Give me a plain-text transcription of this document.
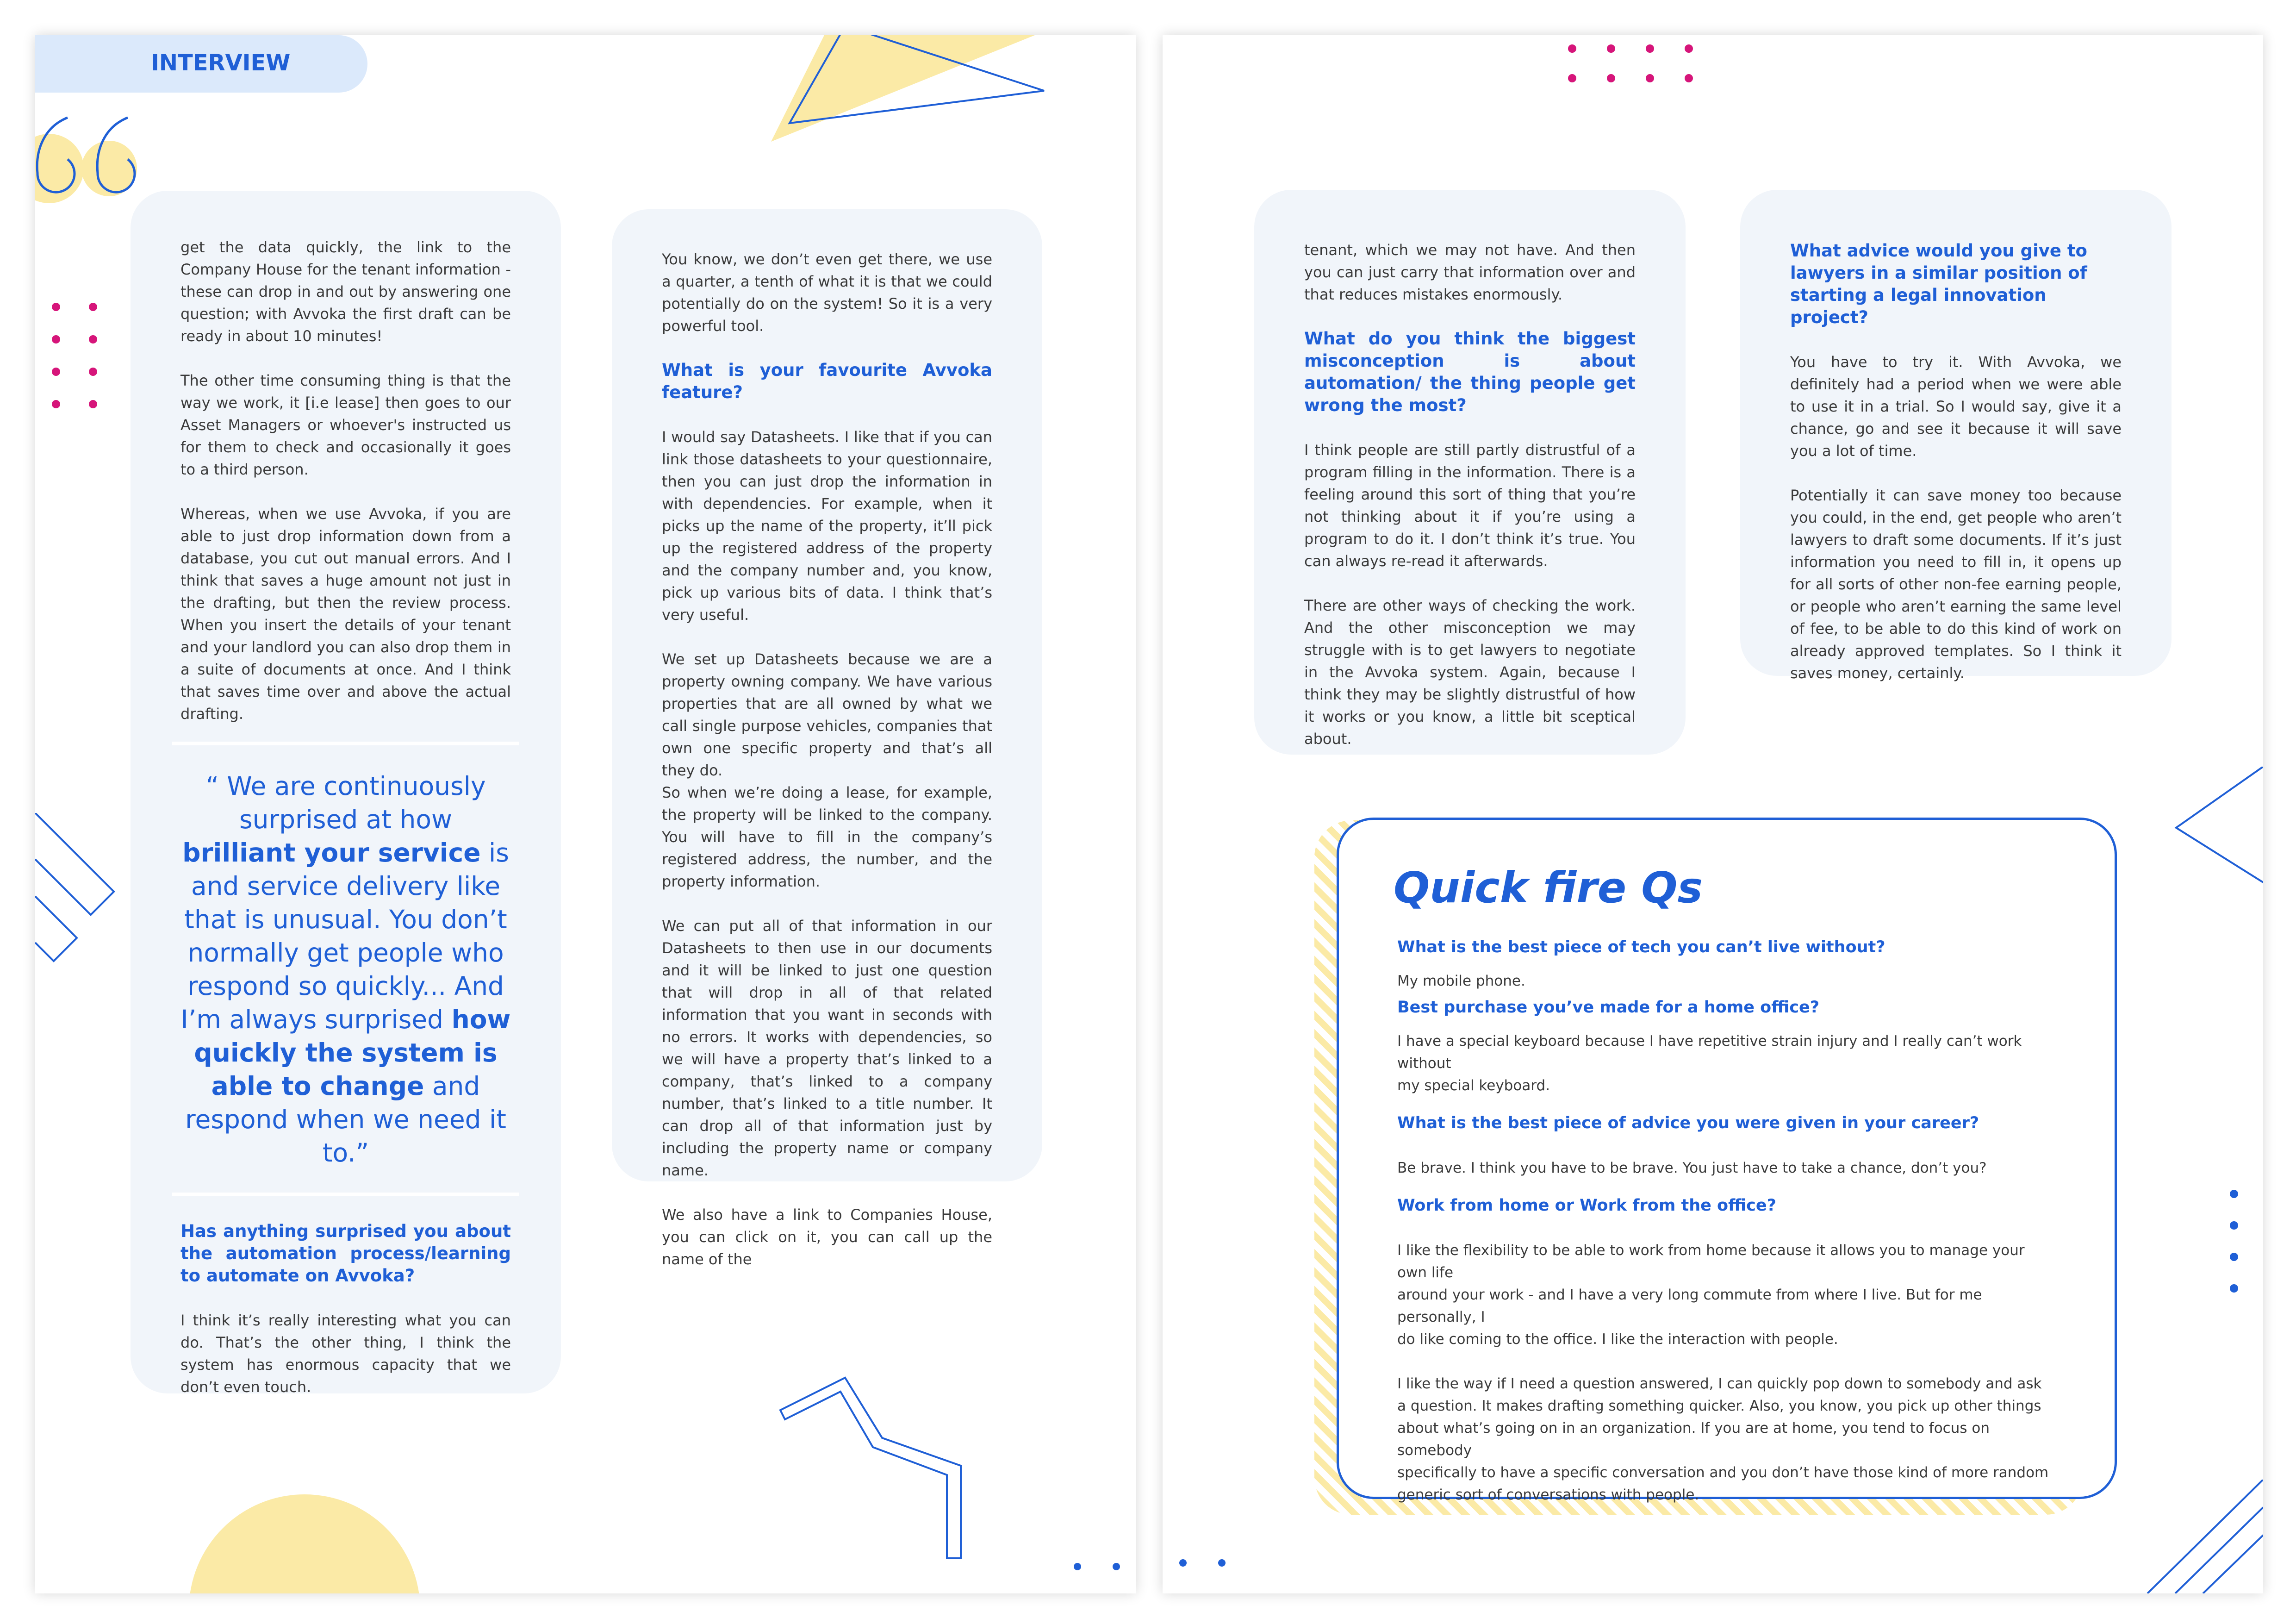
INTERVIEW

get the data quickly, the link to the Company House for the tenant information - these can drop in and out by answering one question; with Avvoka the first draft can be ready in about 10 minutes!

The other time consuming thing is that the way we work, it [i.e lease] then goes to our Asset Managers or whoever's instructed us for them to check and occasionally it goes to a third person.

Whereas, when we use Avvoka, if you are able to just drop information down from a database, you cut out manual errors. And I think that saves a huge amount not just in the drafting, but then the review process. When you insert the details of your tenant and your landlord you can also drop them in a suite of documents at once. And I think that saves time over and above the actual drafting.

“ We are continuously surprised at how brilliant your service is and service delivery like that is unusual. You don’t normally get people who respond so quickly... And I’m always surprised how quickly the system is able to change and respond when we need it to.”

Has anything surprised you about the automation process/learning to automate on Avvoka?

I think it’s really interesting what you can do. That’s the other thing, I think the system has enormous capacity that we don’t even touch.

You know, we don’t even get there, we use a quarter, a tenth of what it is that we could potentially do on the system! So it is a very powerful tool.

What is your favourite Avvoka feature?

I would say Datasheets. I like that if you can link those datasheets to your questionnaire, then you can just drop the information in with dependencies. For example, when it picks up the name of the property, it’ll pick up the registered address of the property and the company number and, you know, pick up various bits of data. I think that’s very useful.

We set up Datasheets because we are a property owning company. We have various properties that are all owned by what we call single purpose vehicles, companies that own one specific property and that’s all they do.
So when we’re doing a lease, for example, the property will be linked to the company. You will have to fill in the company’s registered address, the number, and the property information.

We can put all of that information in our Datasheets to then use in our documents and it will be linked to just one question that will drop in all of that related information that you want in seconds with no errors. It works with dependencies, so we will have a property that’s linked to a company, that’s linked to a company number, that’s linked to a title number. It can drop all of that information just by including the property name or company name.

We also have a link to Companies House, you can click on it, you can call up the name of the

tenant, which we may not have. And then you can just carry that information over and that reduces mistakes enormously.

What do you think the biggest misconception is about automation/ the thing people get wrong the most?

I think people are still partly distrustful of a program filling in the information. There is a feeling around this sort of thing that you’re not thinking about it if you’re using a program to do it. I don’t think it’s true. You can always re-read it afterwards.

There are other ways of checking the work. And the other misconception we may struggle with is to get lawyers to negotiate in the Avvoka system. Again, because I think they may be slightly distrustful of how it works or you know, a little bit sceptical about.

What advice would you give to lawyers in a similar position of starting a legal innovation project?

You have to try it. With Avvoka, we definitely had a period when we were able to use it in a trial. So I would say, give it a chance, go and see it because it will save you a lot of time.

Potentially it can save money too because you could, in the end, get people who aren’t lawyers to draft some documents. If it’s just information you need to fill in, it opens up for all sorts of other non-fee earning people, or people who aren’t earning the same level of fee, to be able to do this kind of work on already approved templates. So I think it saves money, certainly.

Quick fire Qs

What is the best piece of tech you can’t live without?

My mobile phone.

Best purchase you’ve made for a home office?

I have a special keyboard because I have repetitive strain injury and I really can’t work without
my special keyboard.

What is the best piece of advice you were given in your career?

Be brave. I think you have to be brave. You just have to take a chance, don’t you?

Work from home or Work from the office?

I like the flexibility to be able to work from home because it allows you to manage your own life
around your work - and I have a very long commute from where I live. But for me personally, I
do like coming to the office. I like the interaction with people.

I like the way if I need a question answered, I can quickly pop down to somebody and ask
a question. It makes drafting something quicker. Also, you know, you pick up other things
about what’s going on in an organization. If you are at home, you tend to focus on somebody
specifically to have a specific conversation and you don’t have those kind of more random
generic sort of conversations with people.
